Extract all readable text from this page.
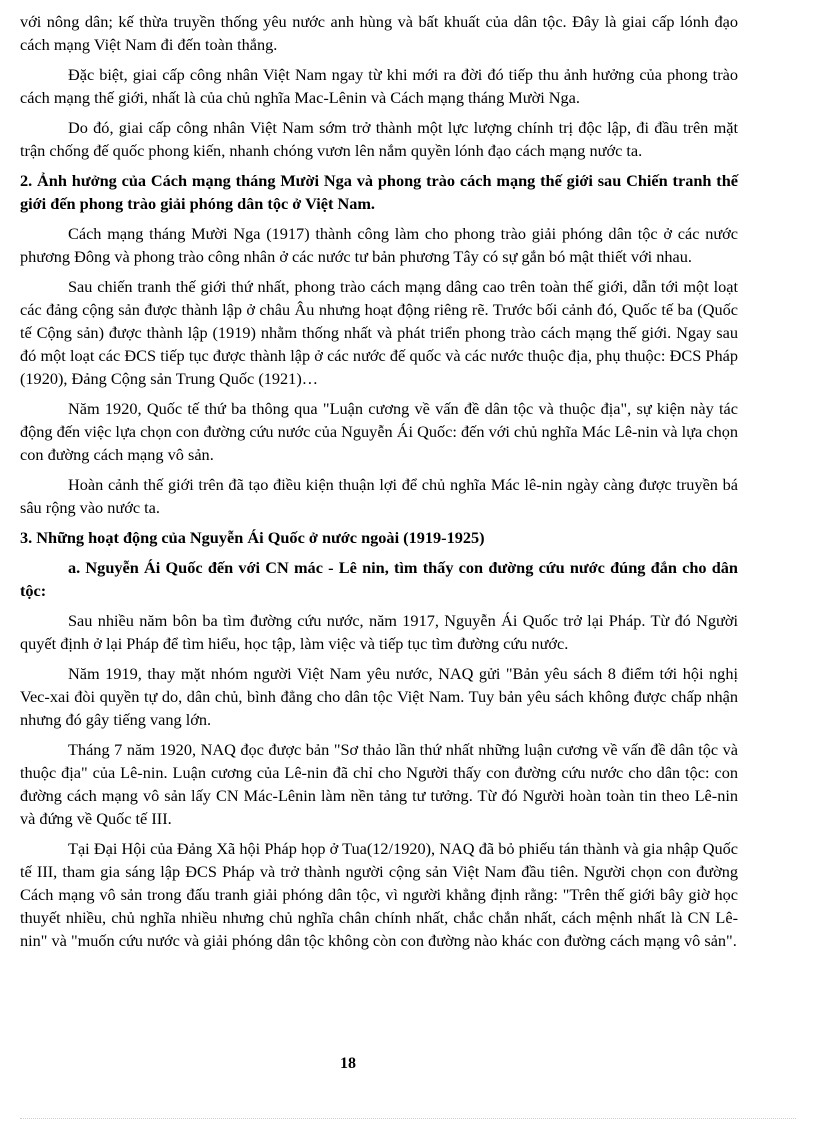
với nông dân; kế thừa truyền thống yêu nước anh hùng và bất khuất của dân tộc. Đây là giai cấp lónh đạo cách mạng Việt Nam đi đến toàn thắng.

Đặc biệt, giai cấp công nhân Việt Nam ngay từ khi mới ra đời đó tiếp thu ảnh hưởng của phong trào cách mạng thế giới, nhất là của chủ nghĩa Mac-Lênin và Cách mạng tháng Mười Nga.

Do đó, giai cấp công nhân Việt Nam sớm trở thành một lực lượng chính trị độc lập, đi đầu trên mặt trận chống đế quốc phong kiến, nhanh chóng vươn lên nắm quyền lónh đạo cách mạng nước ta.

2. Ảnh hưởng của Cách mạng tháng Mười Nga và phong trào cách mạng thế giới sau Chiến tranh thế giới đến phong trào giải phóng dân tộc ở Việt Nam.

Cách mạng tháng Mười Nga (1917) thành công làm cho phong trào giải phóng dân tộc ở các nước phương Đông và phong trào công nhân ở các nước tư bản phương Tây có sự gắn bó mật thiết với nhau.

Sau chiến tranh thế giới thứ nhất, phong trào cách mạng dâng cao trên toàn thế giới, dẫn tới một loạt các đảng cộng sản được thành lập ở châu Âu nhưng hoạt động riêng rẽ. Trước bối cảnh đó, Quốc tế ba (Quốc tế Cộng sản) được thành lập (1919) nhằm thống nhất và phát triển phong trào cách mạng thế giới. Ngay sau đó một loạt các ĐCS tiếp tục được thành lập ở các nước đế quốc và các nước thuộc địa, phụ thuộc: ĐCS Pháp (1920), Đảng Cộng sản Trung Quốc (1921)…

Năm 1920, Quốc tế thứ ba thông qua "Luận cương về vấn đề dân tộc và thuộc địa", sự kiện này tác động đến việc lựa chọn con đường cứu nước của Nguyễn Ái Quốc: đến với chủ nghĩa Mác Lê-nin và lựa chọn con đường cách mạng vô sản.

Hoàn cảnh thế giới trên đã tạo điều kiện thuận lợi để chủ nghĩa Mác lê-nin ngày càng được truyền bá sâu rộng vào nước ta.

3. Những hoạt động của Nguyễn Ái Quốc ở nước ngoài (1919-1925)

a. Nguyễn Ái Quốc đến với CN mác - Lê nin, tìm thấy con đường cứu nước đúng đắn cho dân tộc:

Sau nhiều năm bôn ba tìm đường cứu nước, năm 1917, Nguyễn Ái Quốc trở lại Pháp. Từ đó Người quyết định ở lại Pháp để tìm hiểu, học tập, làm việc và tiếp tục tìm đường cứu nước.

Năm 1919, thay mặt nhóm người Việt Nam yêu nước, NAQ gửi "Bản yêu sách 8 điểm tới hội nghị Vec-xai đòi quyền tự do, dân chủ, bình đẳng cho dân tộc Việt Nam. Tuy bản yêu sách không được chấp nhận nhưng đó gây tiếng vang lớn.

Tháng 7 năm 1920, NAQ đọc được bản "Sơ thảo lần thứ nhất những luận cương về vấn đề dân tộc và thuộc địa" của Lê-nin. Luận cương của Lê-nin đã chỉ cho Người thấy con đường cứu nước cho dân tộc: con đường cách mạng vô sản lấy CN Mác-Lênin làm nền tảng tư tưởng. Từ đó Người hoàn toàn tin theo Lê-nin và đứng về Quốc tế III.

Tại Đại Hội của Đảng Xã hội Pháp họp ở Tua(12/1920), NAQ đã bỏ phiếu tán thành và gia nhập Quốc tế III, tham gia sáng lập ĐCS Pháp và trở thành người cộng sản Việt Nam đầu tiên. Người chọn con đường Cách mạng vô sản trong đấu tranh giải phóng dân tộc, vì người khẳng định rằng: "Trên thế giới bây giờ học thuyết nhiều, chủ nghĩa nhiều nhưng chủ nghĩa chân chính nhất, chắc chắn nhất, cách mệnh nhất là CN Lê-nin" và "muốn cứu nước và giải phóng dân tộc không còn con đường nào khác con đường cách mạng vô sản".

18
